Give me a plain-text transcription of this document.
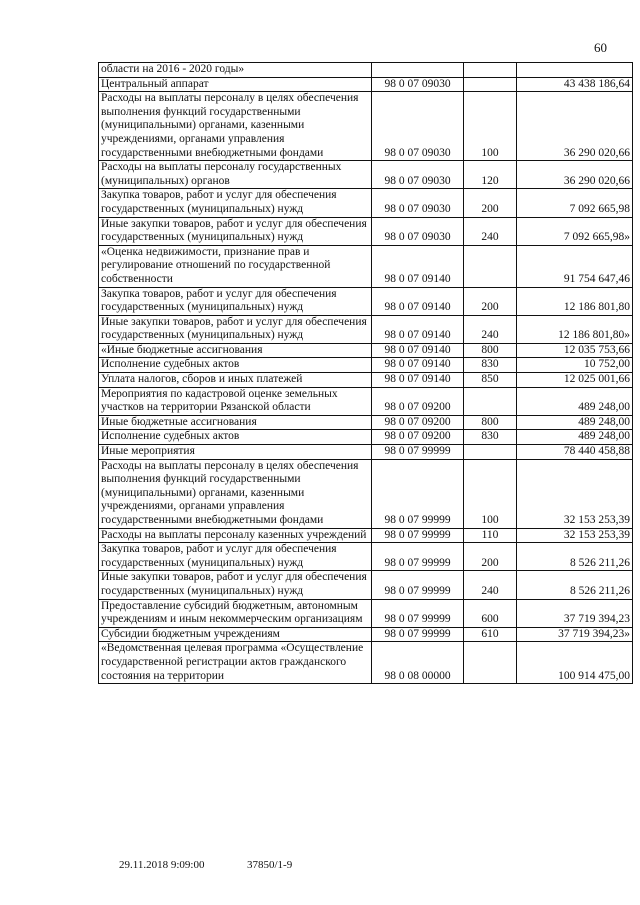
60
области на 2016 - 2020 годы»			
Центральный аппарат	98 0 07 09030		43 438 186,64
Расходы на выплаты персоналу в целях обеспечения выполнения функций государственными (муниципальными) органами, казенными учреждениями, органами управления государственными внебюджетными фондами	98 0 07 09030	100	36 290 020,66
Расходы на выплаты персоналу государственных (муниципальных) органов	98 0 07 09030	120	36 290 020,66
Закупка товаров, работ и услуг для обеспечения государственных (муниципальных) нужд	98 0 07 09030	200	7 092 665,98
Иные закупки товаров, работ и услуг для обеспечения государственных (муниципальных) нужд	98 0 07 09030	240	7 092 665,98»
«Оценка недвижимости, признание прав и регулирование отношений по государственной собственности	98 0 07 09140		91 754 647,46
Закупка товаров, работ и услуг для обеспечения государственных (муниципальных) нужд	98 0 07 09140	200	12 186 801,80
Иные закупки товаров, работ и услуг для обеспечения государственных (муниципальных) нужд	98 0 07 09140	240	12 186 801,80»
«Иные бюджетные ассигнования	98 0 07 09140	800	12 035 753,66
Исполнение судебных актов	98 0 07 09140	830	10 752,00
Уплата налогов, сборов и иных платежей	98 0 07 09140	850	12 025 001,66
Мероприятия по кадастровой оценке земельных участков на территории Рязанской области	98 0 07 09200		489 248,00
Иные бюджетные ассигнования	98 0 07 09200	800	489 248,00
Исполнение судебных актов	98 0 07 09200	830	489 248,00
Иные мероприятия	98 0 07 99999		78 440 458,88
Расходы на выплаты персоналу в целях обеспечения выполнения функций государственными (муниципальными) органами, казенными учреждениями, органами управления государственными внебюджетными фондами	98 0 07 99999	100	32 153 253,39
Расходы на выплаты персоналу казенных учреждений	98 0 07 99999	110	32 153 253,39
Закупка товаров, работ и услуг для обеспечения государственных (муниципальных) нужд	98 0 07 99999	200	8 526 211,26
Иные закупки товаров, работ и услуг для обеспечения государственных (муниципальных) нужд	98 0 07 99999	240	8 526 211,26
Предоставление субсидий бюджетным, автономным учреждениям и иным некоммерческим организациям	98 0 07 99999	600	37 719 394,23
Субсидии бюджетным учреждениям	98 0 07 99999	610	37 719 394,23»
«Ведомственная целевая программа «Осуществление государственной регистрации актов гражданского состояния на территории	98 0 08 00000		100 914 475,00
29.11.2018 9:09:00	37850/1-9
